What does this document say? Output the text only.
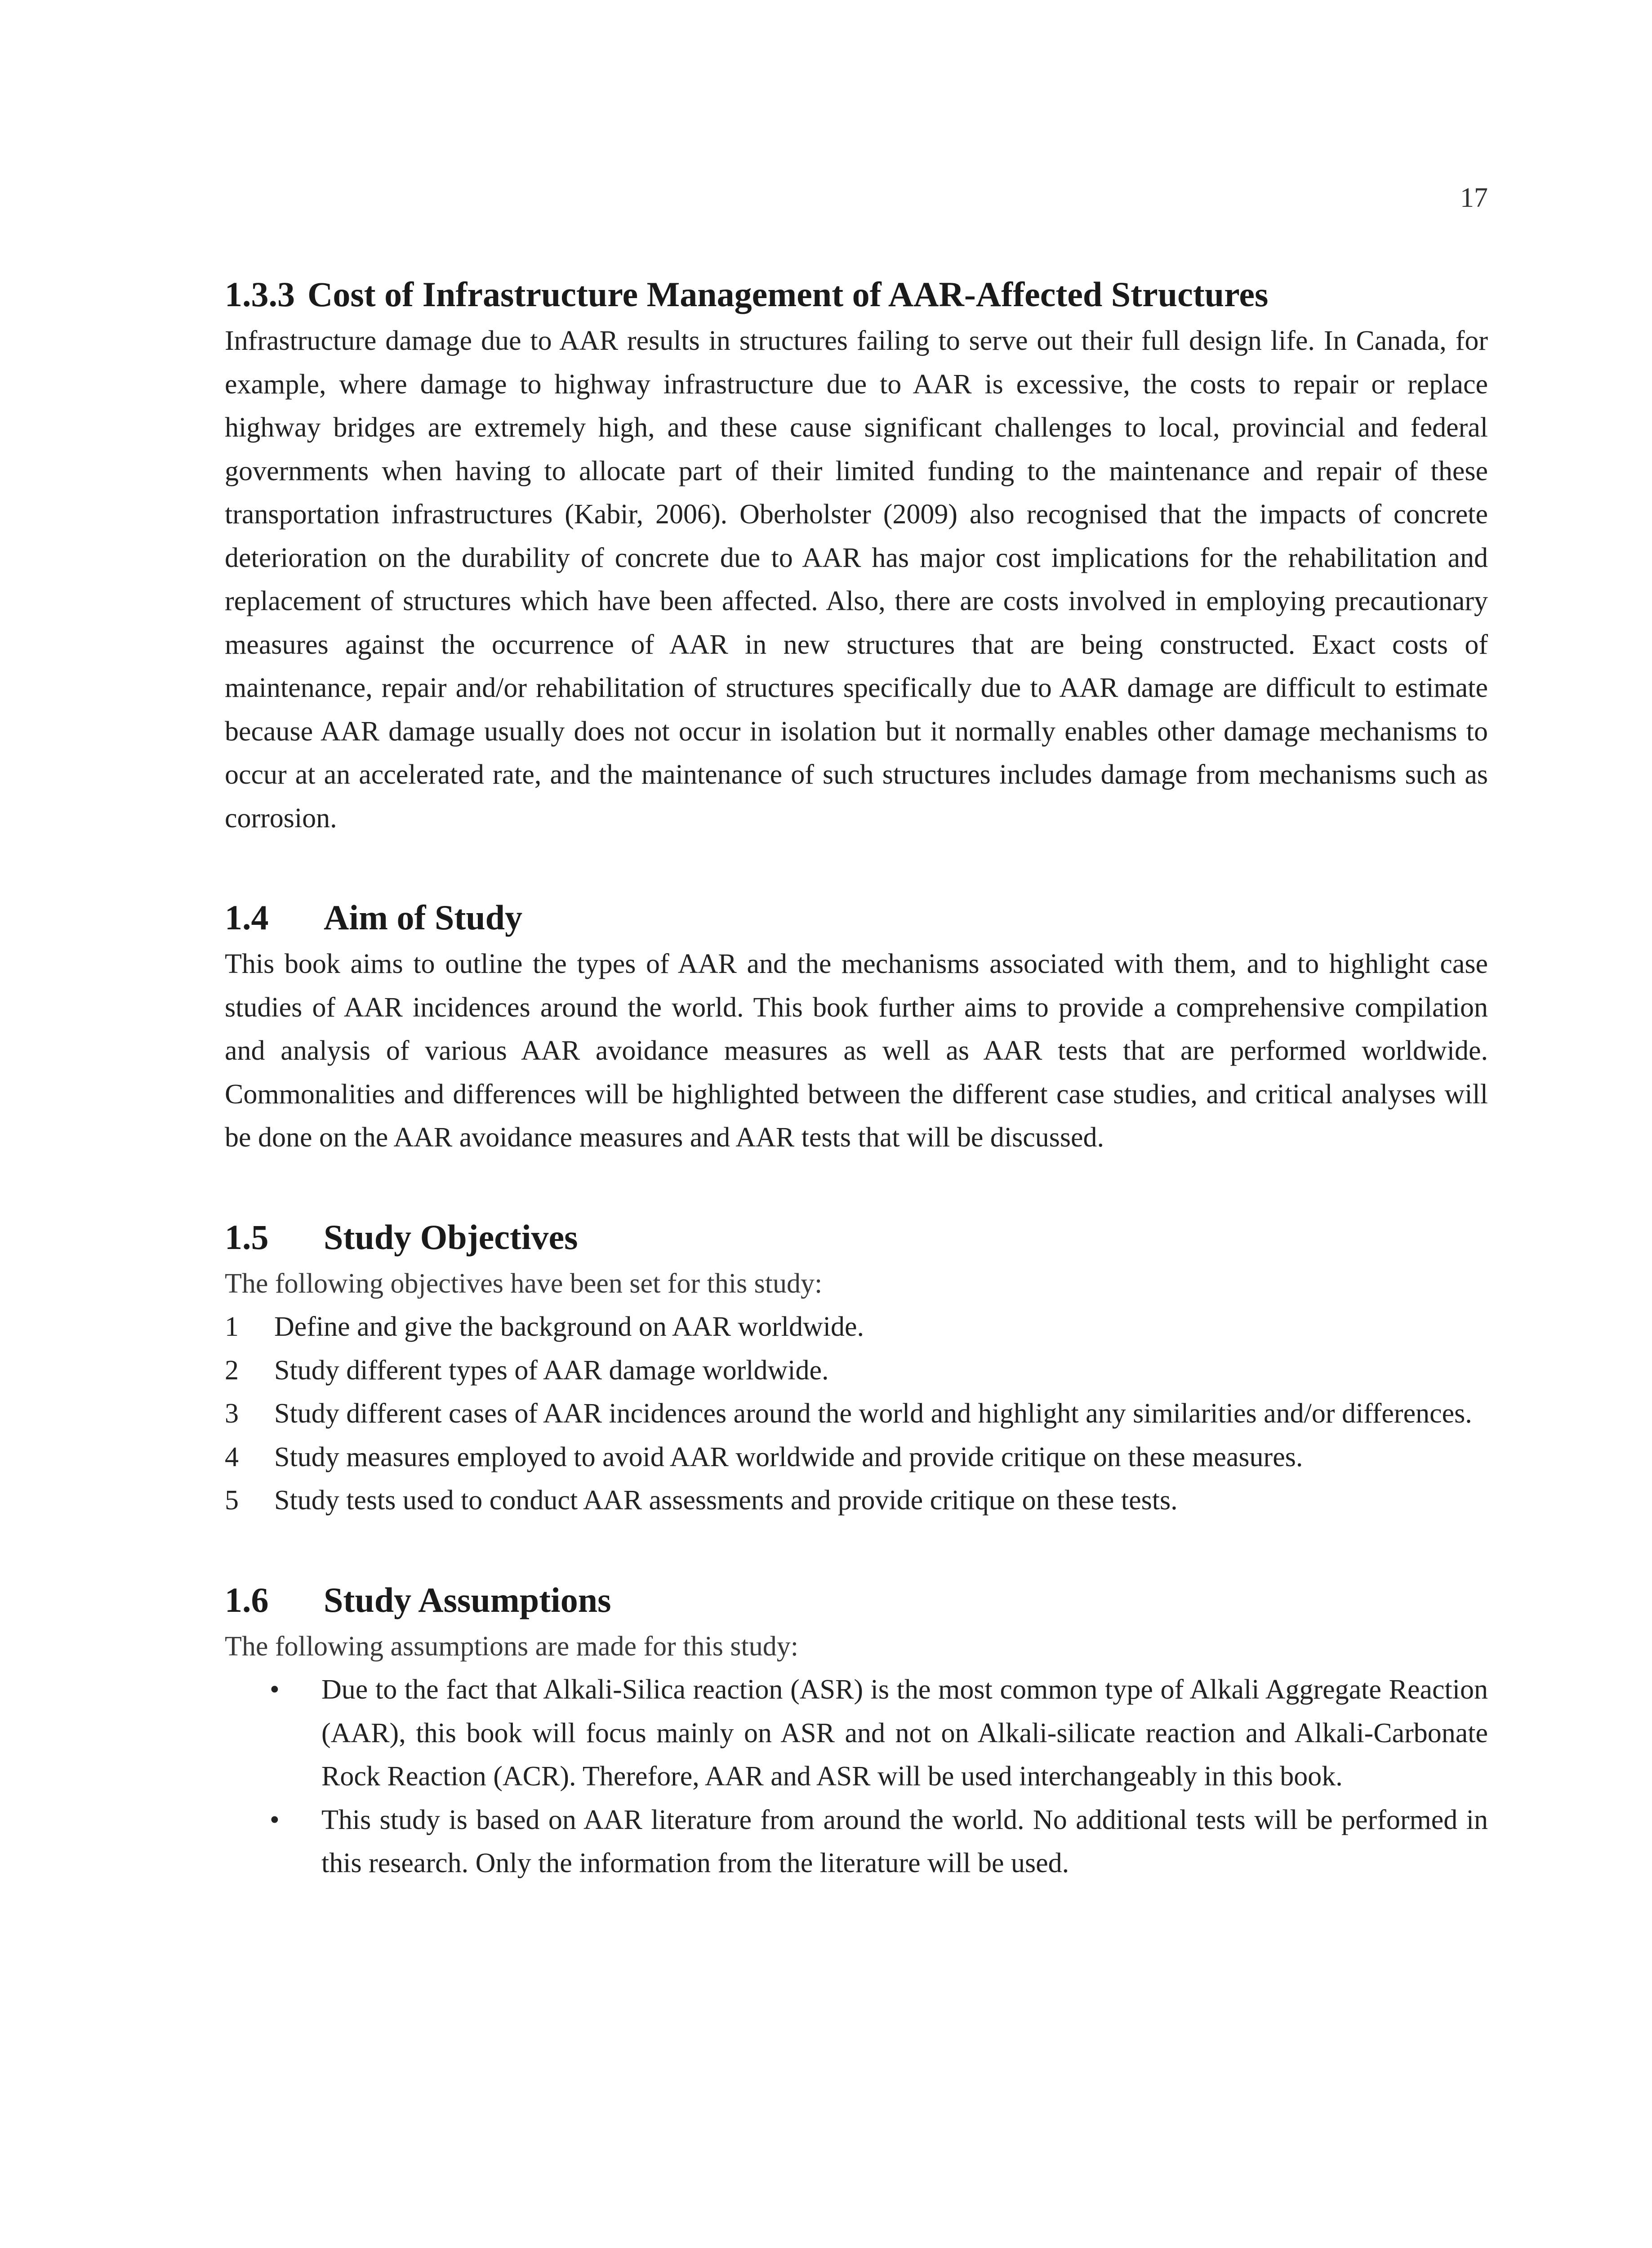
17
1.3.3 Cost of Infrastructure Management of AAR-Affected Structures

Infrastructure damage due to AAR results in structures failing to serve out their full design life. In Canada, for example, where damage to highway infrastructure due to AAR is excessive, the costs to repair or replace highway bridges are extremely high, and these cause significant challenges to local, provincial and federal governments when having to allocate part of their limited funding to the maintenance and repair of these transportation infrastructures (Kabir, 2006). Oberholster (2009) also recognised that the impacts of concrete deterioration on the durability of concrete due to AAR has major cost implications for the rehabilitation and replacement of structures which have been affected. Also, there are costs involved in employing precautionary measures against the occurrence of AAR in new structures that are being constructed. Exact costs of maintenance, repair and/or rehabilitation of structures specifically due to AAR damage are difficult to estimate because AAR damage usually does not occur in isolation but it normally enables other damage mechanisms to occur at an accelerated rate, and the maintenance of such structures includes damage from mechanisms such as corrosion.

1.4 Aim of Study

This book aims to outline the types of AAR and the mechanisms associated with them, and to highlight case studies of AAR incidences around the world. This book further aims to provide a comprehensive compilation and analysis of various AAR avoidance measures as well as AAR tests that are performed worldwide. Commonalities and differences will be highlighted between the different case studies, and critical analyses will be done on the AAR avoidance measures and AAR tests that will be discussed.

1.5 Study Objectives

The following objectives have been set for this study:

1 Define and give the background on AAR worldwide.
2 Study different types of AAR damage worldwide.
3 Study different cases of AAR incidences around the world and highlight any similarities and/or differences.
4 Study measures employed to avoid AAR worldwide and provide critique on these measures.
5 Study tests used to conduct AAR assessments and provide critique on these tests.
1.6 Study Assumptions

The following assumptions are made for this study:

• Due to the fact that Alkali-Silica reaction (ASR) is the most common type of Alkali Aggregate Reaction (AAR), this book will focus mainly on ASR and not on Alkali-silicate reaction and Alkali-Carbonate Rock Reaction (ACR). Therefore, AAR and ASR will be used interchangeably in this book.
• This study is based on AAR literature from around the world. No additional tests will be performed in this research. Only the information from the literature will be used.
